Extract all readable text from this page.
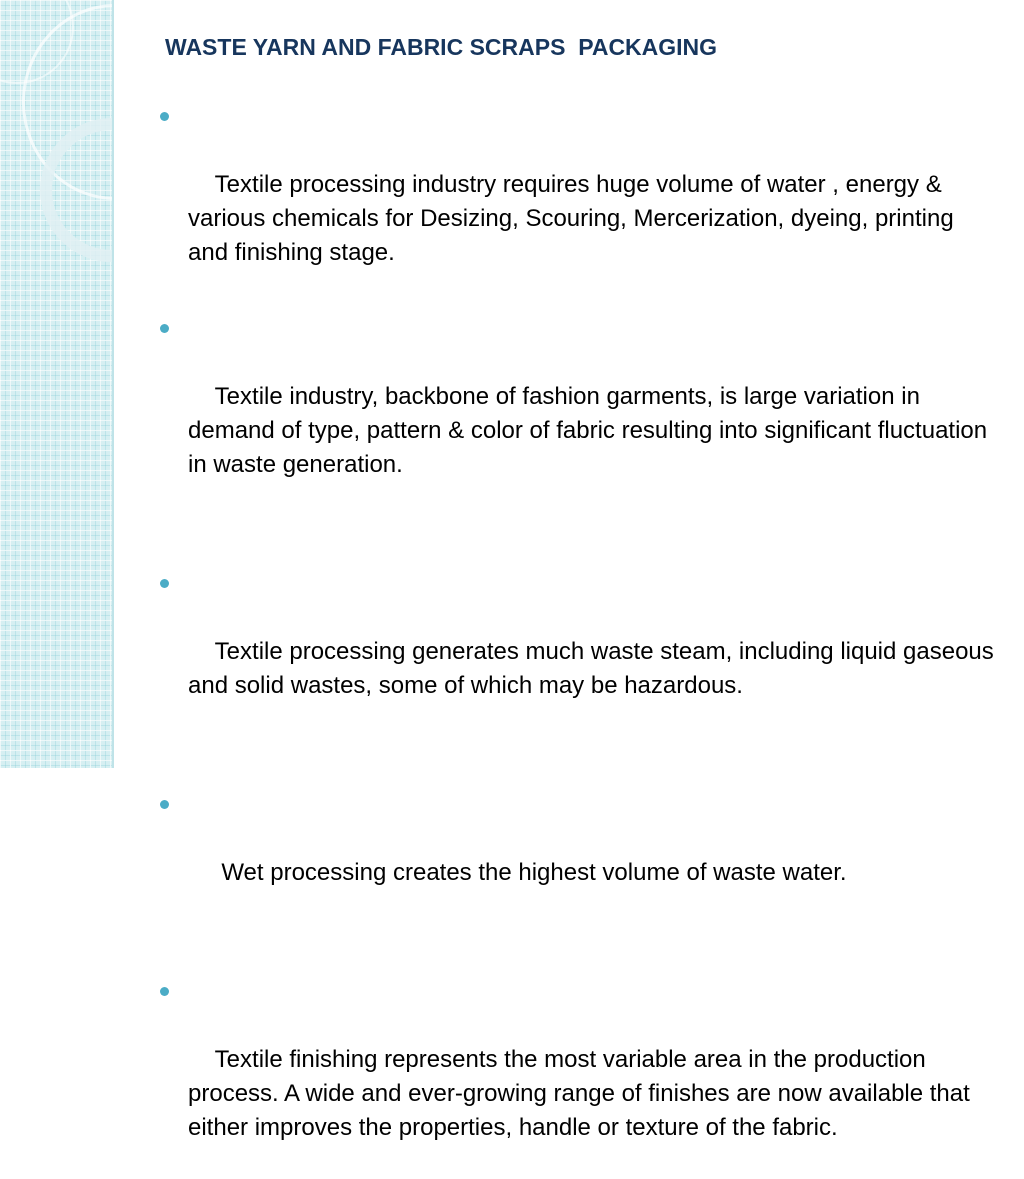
WASTE YARN AND FABRIC SCRAPS  PACKAGING

Textile processing industry requires huge volume of water , energy & various chemicals for Desizing, Scouring, Mercerization, dyeing, printing and finishing stage.

Textile industry, backbone of fashion garments, is large variation in demand of type, pattern & color of fabric resulting into significant fluctuation in waste generation.

Textile processing generates much waste steam, including liquid gaseous and solid wastes, some of which may be hazardous.

Wet processing creates the highest volume of waste water.

Textile finishing represents the most variable area in the production process. A wide and ever-growing range of finishes are now available that either improves the properties, handle or texture of the fabric.
